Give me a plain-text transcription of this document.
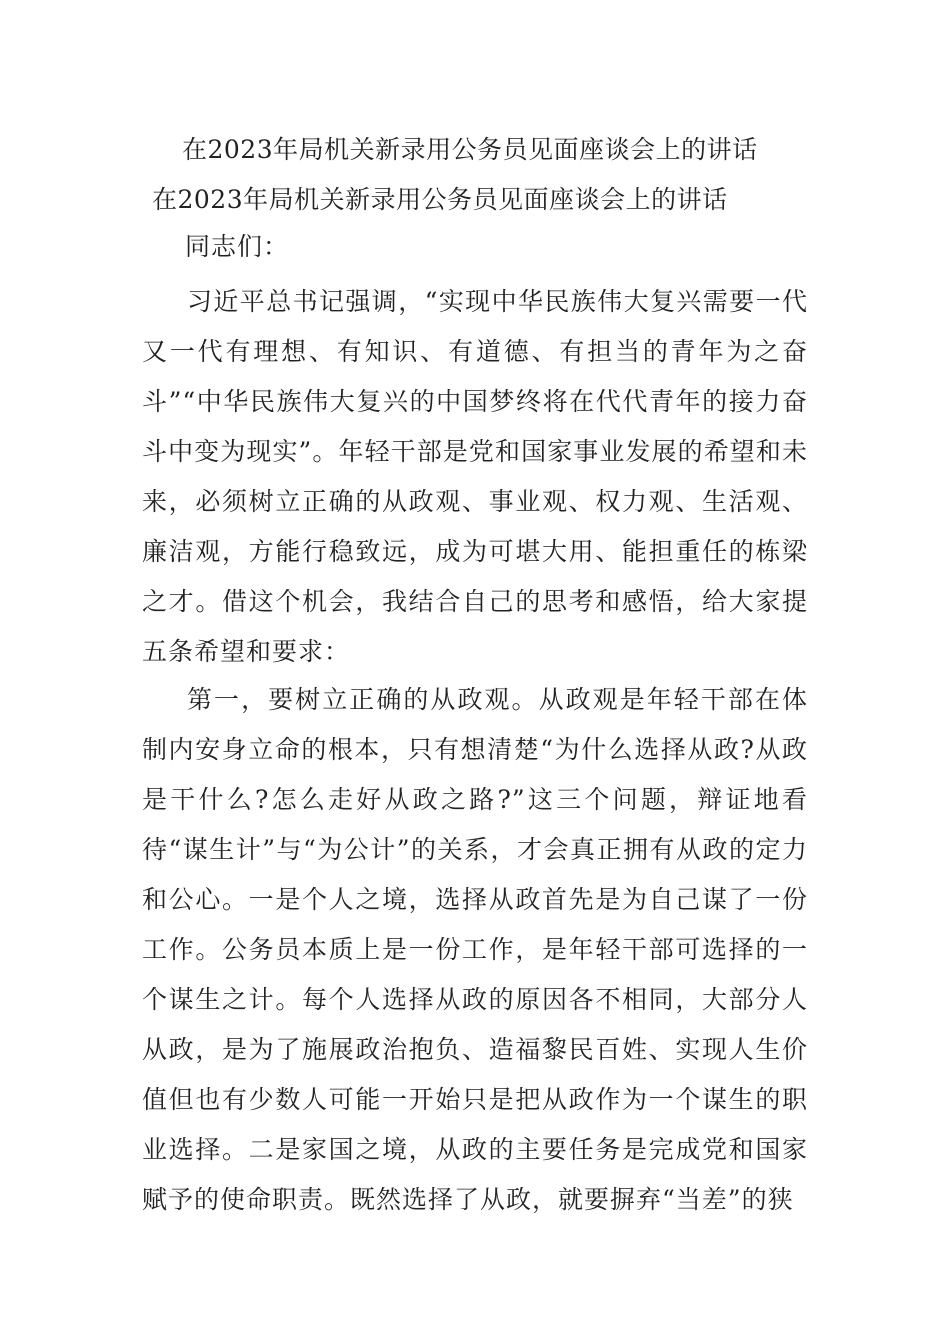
在2023年局机关新录用公务员见面座谈会上的讲话
在2023年局机关新录用公务员见面座谈会上的讲话

同志们：

习近平总书记强调，“实现中华民族伟大复兴需要一代又一代有理想、有知识、有道德、有担当的青年为之奋斗”“中华民族伟大复兴的中国梦终将在代代青年的接力奋斗中变为现实”。年轻干部是党和国家事业发展的希望和未来，必须树立正确的从政观、事业观、权力观、生活观、廉洁观，方能行稳致远，成为可堪大用、能担重任的栋梁之才。借这个机会，我结合自己的思考和感悟，给大家提五条希望和要求：

第一，要树立正确的从政观。从政观是年轻干部在体制内安身立命的根本，只有想清楚“为什么选择从政?从政是干什么?怎么走好从政之路?”这三个问题，辩证地看待“谋生计”与“为公计”的关系，才会真正拥有从政的定力和公心。一是个人之境，选择从政首先是为自己谋了一份工作。公务员本质上是一份工作，是年轻干部可选择的一个谋生之计。每个人选择从政的原因各不相同，大部分人从政，是为了施展政治抱负、造福黎民百姓、实现人生价值但也有少数人可能一开始只是把从政作为一个谋生的职业选择。二是家国之境，从政的主要任务是完成党和国家赋予的使命职责。既然选择了从政，就要摒弃“当差”的狭
